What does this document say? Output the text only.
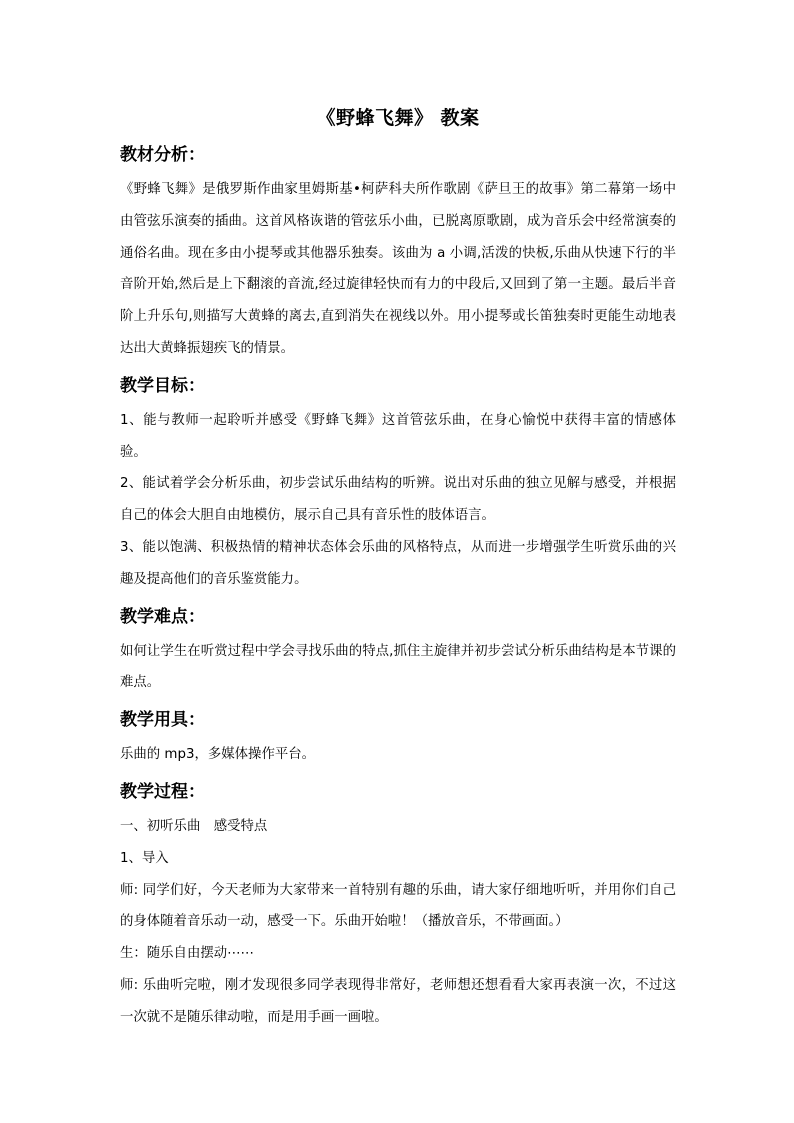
《野蜂飞舞》 教案
教材分析：
《野蜂飞舞》是俄罗斯作曲家里姆斯基•柯萨科夫所作歌剧《萨旦王的故事》第二幕第一场中由管弦乐演奏的插曲。这首风格诙谐的管弦乐小曲，已脱离原歌剧，成为音乐会中经常演奏的通俗名曲。现在多由小提琴或其他器乐独奏。该曲为 a 小调,活泼的快板,乐曲从快速下行的半音阶开始,然后是上下翻滚的音流,经过旋律轻快而有力的中段后,又回到了第一主题。最后半音阶上升乐句,则描写大黄蜂的离去,直到消失在视线以外。用小提琴或长笛独奏时更能生动地表达出大黄蜂振翅疾飞的情景。
教学目标：
1、能与教师一起聆听并感受《野蜂飞舞》这首管弦乐曲，在身心愉悦中获得丰富的情感体验。
2、能试着学会分析乐曲，初步尝试乐曲结构的听辨。说出对乐曲的独立见解与感受，并根据自己的体会大胆自由地模仿，展示自己具有音乐性的肢体语言。
3、能以饱满、积极热情的精神状态体会乐曲的风格特点，从而进一步增强学生听赏乐曲的兴趣及提高他们的音乐鉴赏能力。
教学难点：
如何让学生在听赏过程中学会寻找乐曲的特点,抓住主旋律并初步尝试分析乐曲结构是本节课的难点。
教学用具：
乐曲的 mp3，多媒体操作平台。
教学过程：
一、初听乐曲　感受特点
1、导入
师: 同学们好，今天老师为大家带来一首特别有趣的乐曲，请大家仔细地听听，并用你们自己的身体随着音乐动一动，感受一下。乐曲开始啦！（播放音乐，不带画面。）
生：随乐自由摆动⋯⋯
师: 乐曲听完啦，刚才发现很多同学表现得非常好，老师想还想看看大家再表演一次，不过这一次就不是随乐律动啦，而是用手画一画啦。
